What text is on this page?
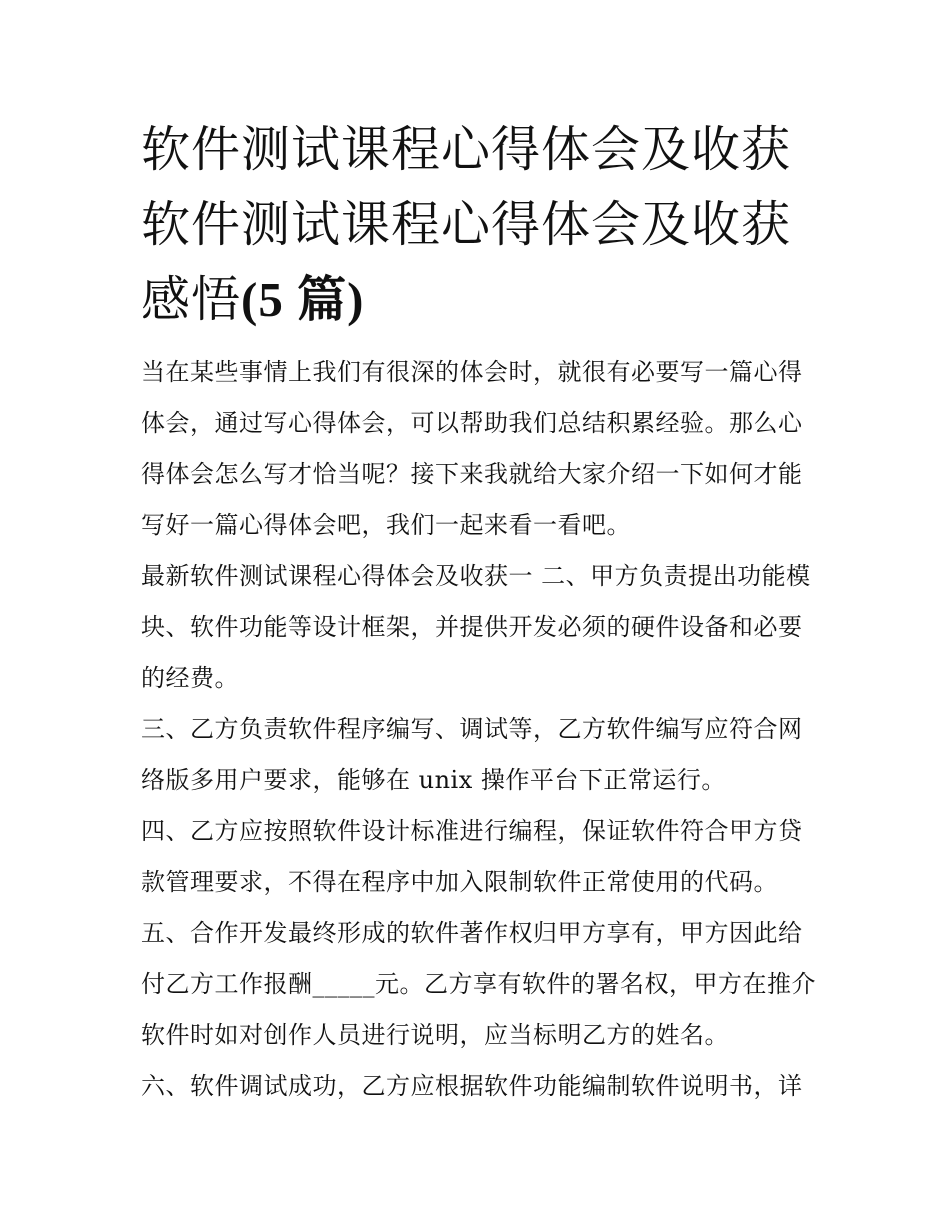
软件测试课程心得体会及收获
软件测试课程心得体会及收获
感悟(5 篇)

当在某些事情上我们有很深的体会时，就很有必要写一篇心得体会，通过写心得体会，可以帮助我们总结积累经验。那么心得体会怎么写才恰当呢？接下来我就给大家介绍一下如何才能写好一篇心得体会吧，我们一起来看一看吧。

最新软件测试课程心得体会及收获一 二、甲方负责提出功能模块、软件功能等设计框架，并提供开发必须的硬件设备和必要的经费。

三、乙方负责软件程序编写、调试等，乙方软件编写应符合网络版多用户要求，能够在 unix 操作平台下正常运行。

四、乙方应按照软件设计标准进行编程，保证软件符合甲方贷款管理要求，不得在程序中加入限制软件正常使用的代码。

五、合作开发最终形成的软件著作权归甲方享有，甲方因此给付乙方工作报酬_____元。乙方享有软件的署名权，甲方在推介软件时如对创作人员进行说明，应当标明乙方的姓名。

六、软件调试成功，乙方应根据软件功能编制软件说明书，详
